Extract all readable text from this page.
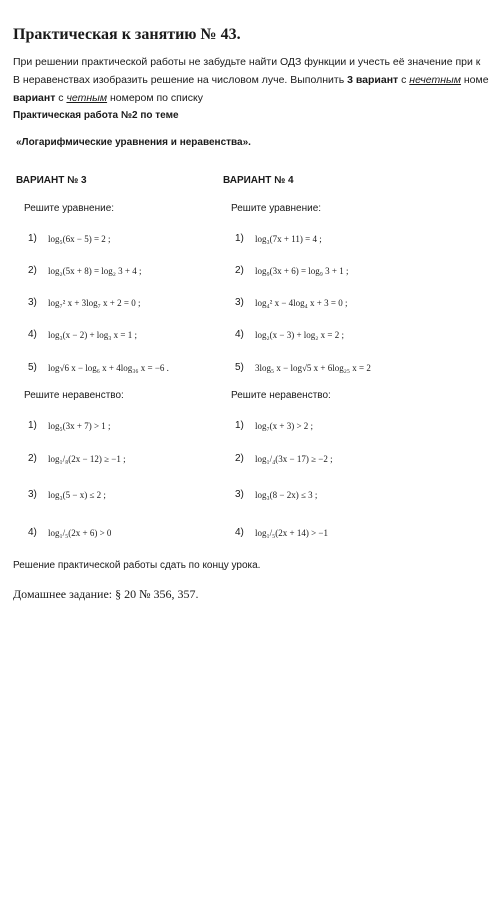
Практическая к занятию № 43.
При решении практической работы не забудьте найти ОДЗ функции и учесть её значение при к
В неравенствах изобразить решение на числовом луче. Выполнить 3 вариант с нечетным номе
вариант с четным номером по списку
Практическая работа №2 по теме
«Логарифмические уравнения и неравенства».
ВАРИАНТ № 3
Решите уравнение:
1)	log₅(6x − 5) = 2 ;
2)	log₂(5x + 8) = log₂ 3 + 4 ;
3)	log₇² x + 3log₇ x + 2 = 0 ;
4)	log₃(x − 2) + log₃ x = 1 ;
5)	log√6 x − log₆ x + 4log₃₆ x = −6 .
Решите неравенство:
1)	log₅(3x + 7) > 1 ;
2)	log₁/₈(2x − 12) ≥ −1 ;
3)	log₃(5 − x) ≤ 2 ;
4)	log₁/₅(2x + 6) > 0
ВАРИАНТ № 4
Решите уравнение:
1)	log₃(7x + 11) = 4 ;
2)	log₉(3x + 6) = log₉ 3 + 1 ;
3)	log₄² x − 4log₄ x + 3 = 0 ;
4)	log₂(x − 3) + log₂ x = 2 ;
5)	3log₅ x − log√5 x + 6log₂₅ x = 2
Решите неравенство:
1)	log₇(x + 3) > 2 ;
2)	log₁/₄(3x − 17) ≥ −2 ;
3)	log₃(8 − 2x) ≤ 3 ;
4)	log₁/₅(2x + 14) > −1
Решение практической работы сдать по концу урока.
Домашнее задание: § 20 № 356, 357.
